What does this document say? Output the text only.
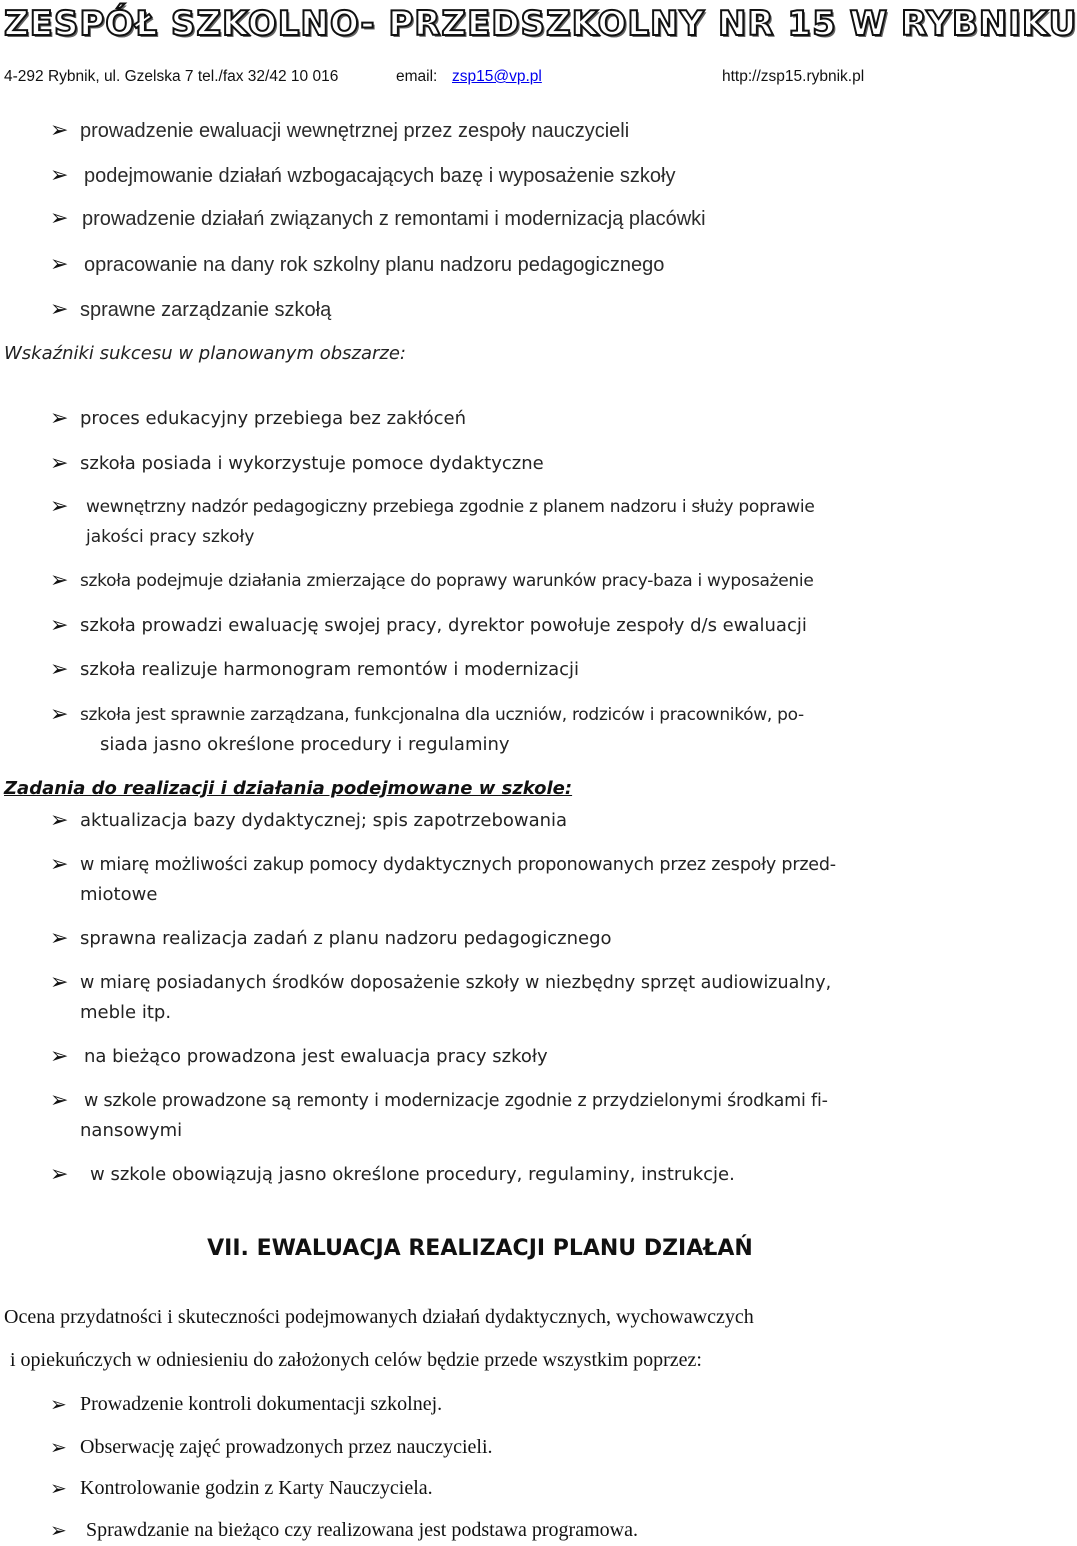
ZESPÓŁ SZKOLNO- PRZEDSZKOLNY NR 15 W RYBNIKU
4-292 Rybnik, ul. Gzelska 7 tel./fax 32/42 10 016	email: zsp15@vp.pl	http://zsp15.rybnik.pl
➢ prowadzenie ewaluacji wewnętrznej przez zespoły nauczycieli
➢ podejmowanie działań wzbogacających bazę i wyposażenie szkoły
➢ prowadzenie działań związanych z remontami i modernizacją placówki
➢ opracowanie na dany rok szkolny planu nadzoru pedagogicznego
➢ sprawne zarządzanie szkołą
Wskaźniki sukcesu w planowanym obszarze:
➢ proces edukacyjny przebiega bez zakłóceń
➢ szkoła posiada i wykorzystuje pomoce dydaktyczne
➢ wewnętrzny nadzór pedagogiczny przebiega zgodnie z planem nadzoru i służy poprawie
jakości pracy szkoły
➢ szkoła podejmuje działania zmierzające do poprawy warunków pracy-baza i wyposażenie
➢ szkoła prowadzi ewaluację swojej pracy, dyrektor powołuje zespoły d/s ewaluacji
➢ szkoła realizuje harmonogram remontów i modernizacji
➢ szkoła jest sprawnie zarządzana, funkcjonalna dla uczniów, rodziców i pracowników, po-
siada jasno określone procedury i regulaminy
Zadania do realizacji i działania podejmowane w szkole:
➢ aktualizacja bazy dydaktycznej; spis zapotrzebowania
➢ w miarę możliwości zakup pomocy dydaktycznych proponowanych przez zespoły przed-
miotowe
➢ sprawna realizacja zadań z planu nadzoru pedagogicznego
➢ w miarę posiadanych środków doposażenie szkoły w niezbędny sprzęt audiowizualny,
meble itp.
➢ na bieżąco prowadzona jest ewaluacja pracy szkoły
➢ w szkole prowadzone są remonty i modernizacje zgodnie z przydzielonymi środkami fi-
nansowymi
➢ w szkole obowiązują jasno określone procedury, regulaminy, instrukcje.
VII. EWALUACJA REALIZACJI PLANU DZIAŁAŃ
Ocena przydatności i skuteczności podejmowanych działań dydaktycznych, wychowawczych
i opiekuńczych w odniesieniu do założonych celów będzie przede wszystkim poprzez:
➢ Prowadzenie kontroli dokumentacji szkolnej.
➢ Obserwację zajęć prowadzonych przez nauczycieli.
➢ Kontrolowanie godzin z Karty Nauczyciela.
➢ Sprawdzanie na bieżąco czy realizowana jest podstawa programowa.
